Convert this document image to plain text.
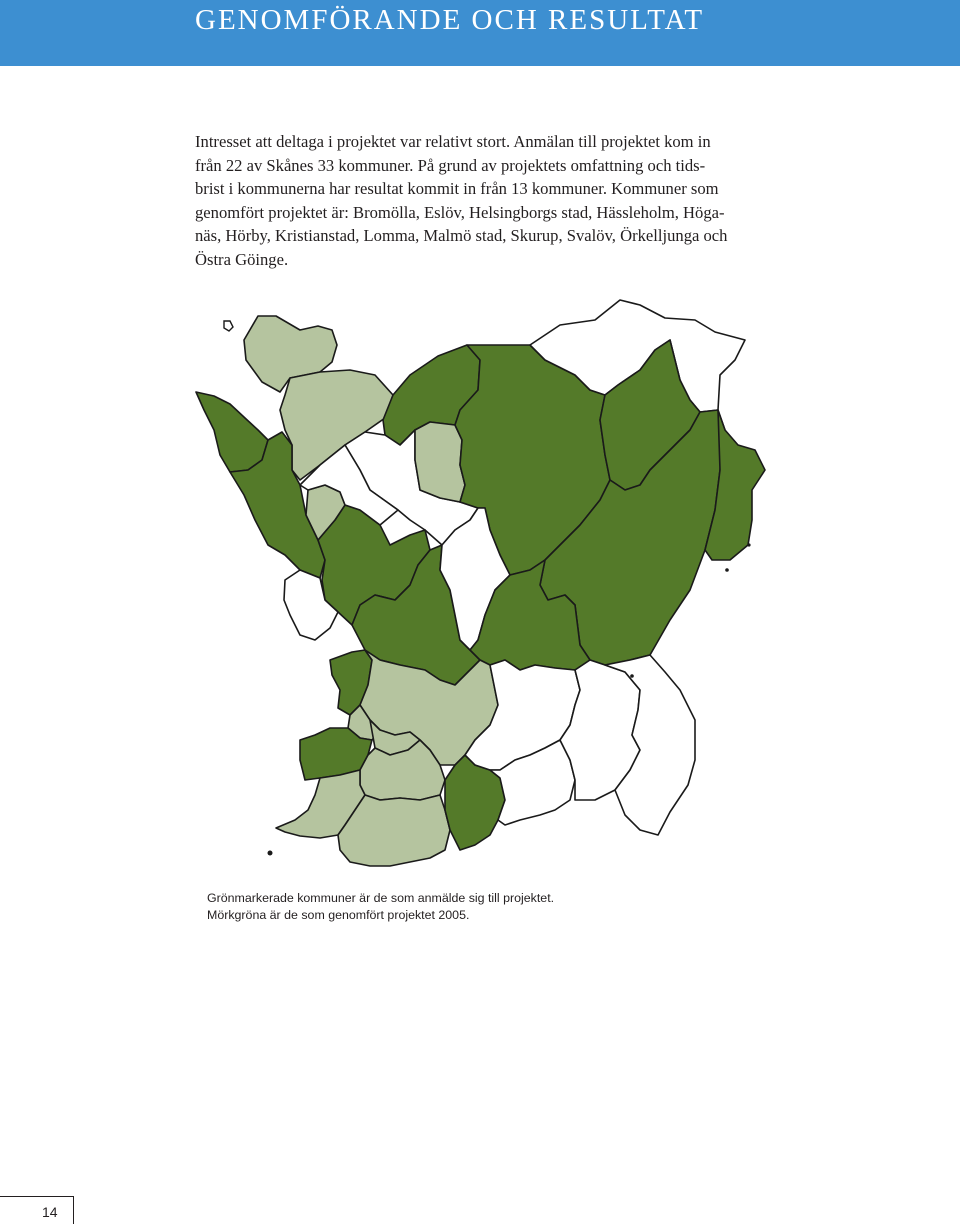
GENOMFÖRANDE OCH RESULTAT

Intresset att deltaga i projektet var relativt stort. Anmälan till projektet kom in
från 22 av Skånes 33 kommuner. På grund av projektets omfattning och tids-
brist i kommunerna har resultat kommit in från 13 kommuner. Kommuner som
genomfört projektet är: Bromölla, Eslöv, Helsingborgs stad, Hässleholm, Höga-
näs, Hörby, Kristianstad, Lomma, Malmö stad, Skurup, Svalöv, Örkelljunga och
Östra Göinge.

Grönmarkerade kommuner är de som anmälde sig till projektet.
Mörkgröna är de som genomfört projektet 2005.

14
